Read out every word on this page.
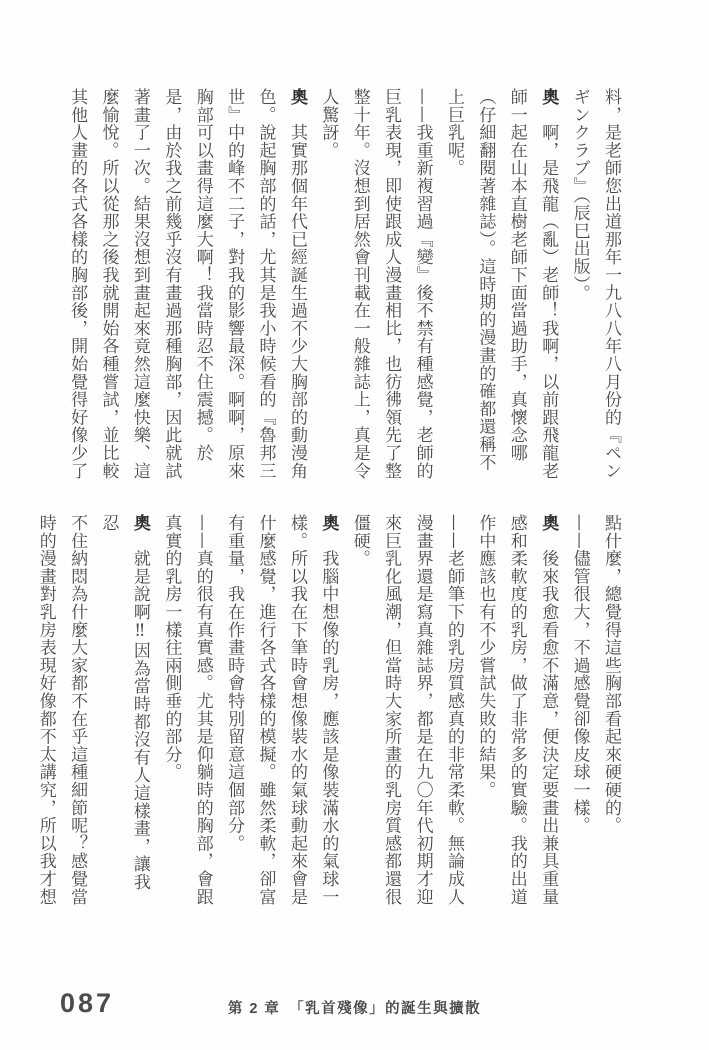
料，是老師您出道那年一九八八年八月份的『ペン

ギンクラブ』（辰巳出版）。

奧　啊，是飛龍（亂）老師！我啊，以前跟飛龍老

師一起在山本直樹老師下面當過助手，真懷念哪

（仔細翻閱著雜誌）。這時期的漫畫的確都還稱不

上巨乳呢。

——我重新複習過『變』後不禁有種感覺，老師的

巨乳表現，即使跟成人漫畫相比，也彷彿領先了整

整十年。沒想到居然會刊載在一般雜誌上，真是令

人驚訝。

奧　其實那個年代已經誕生過不少大胸部的動漫角

色。說起胸部的話，尤其是我小時候看的『魯邦三

世』中的峰不二子，對我的影響最深。啊啊，原來

胸部可以畫得這麼大啊！我當時忍不住震撼。於

是，由於我之前幾乎沒有畫過那種胸部，因此就試

著畫了一次。結果沒想到畫起來竟然這麼快樂、這

麼愉悅。所以從那之後我就開始各種嘗試，並比較

其他人畫的各式各樣的胸部後，開始覺得好像少了

點什麼，總覺得這些胸部看起來硬硬的。

——儘管很大，不過感覺卻像皮球一樣。

奧　後來我愈看愈不滿意，便決定要畫出兼具重量

感和柔軟度的乳房，做了非常多的實驗。我的出道

作中應該也有不少嘗試失敗的結果。

——老師筆下的乳房質感真的非常柔軟。無論成人

漫畫界還是寫真雜誌界，都是在九〇年代初期才迎

來巨乳化風潮，但當時大家所畫的乳房質感都還很

僵硬。

奧　我腦中想像的乳房，應該是像裝滿水的氣球一

樣。所以我在下筆時會想像裝水的氣球動起來會是

什麼感覺，進行各式各樣的模擬。雖然柔軟，卻富

有重量，我在作畫時會特別留意這個部分。

——真的很有真實感。尤其是仰躺時的胸部，會跟

真實的乳房一樣往兩側垂的部分。

奧　就是說啊‼因為當時都沒有人這樣畫，讓我忍

不住納悶為什麼大家都不在乎這種細節呢？感覺當

時的漫畫對乳房表現好像都不太講究，所以我才想

087	第 2 章　「乳首殘像」的誕生與擴散
